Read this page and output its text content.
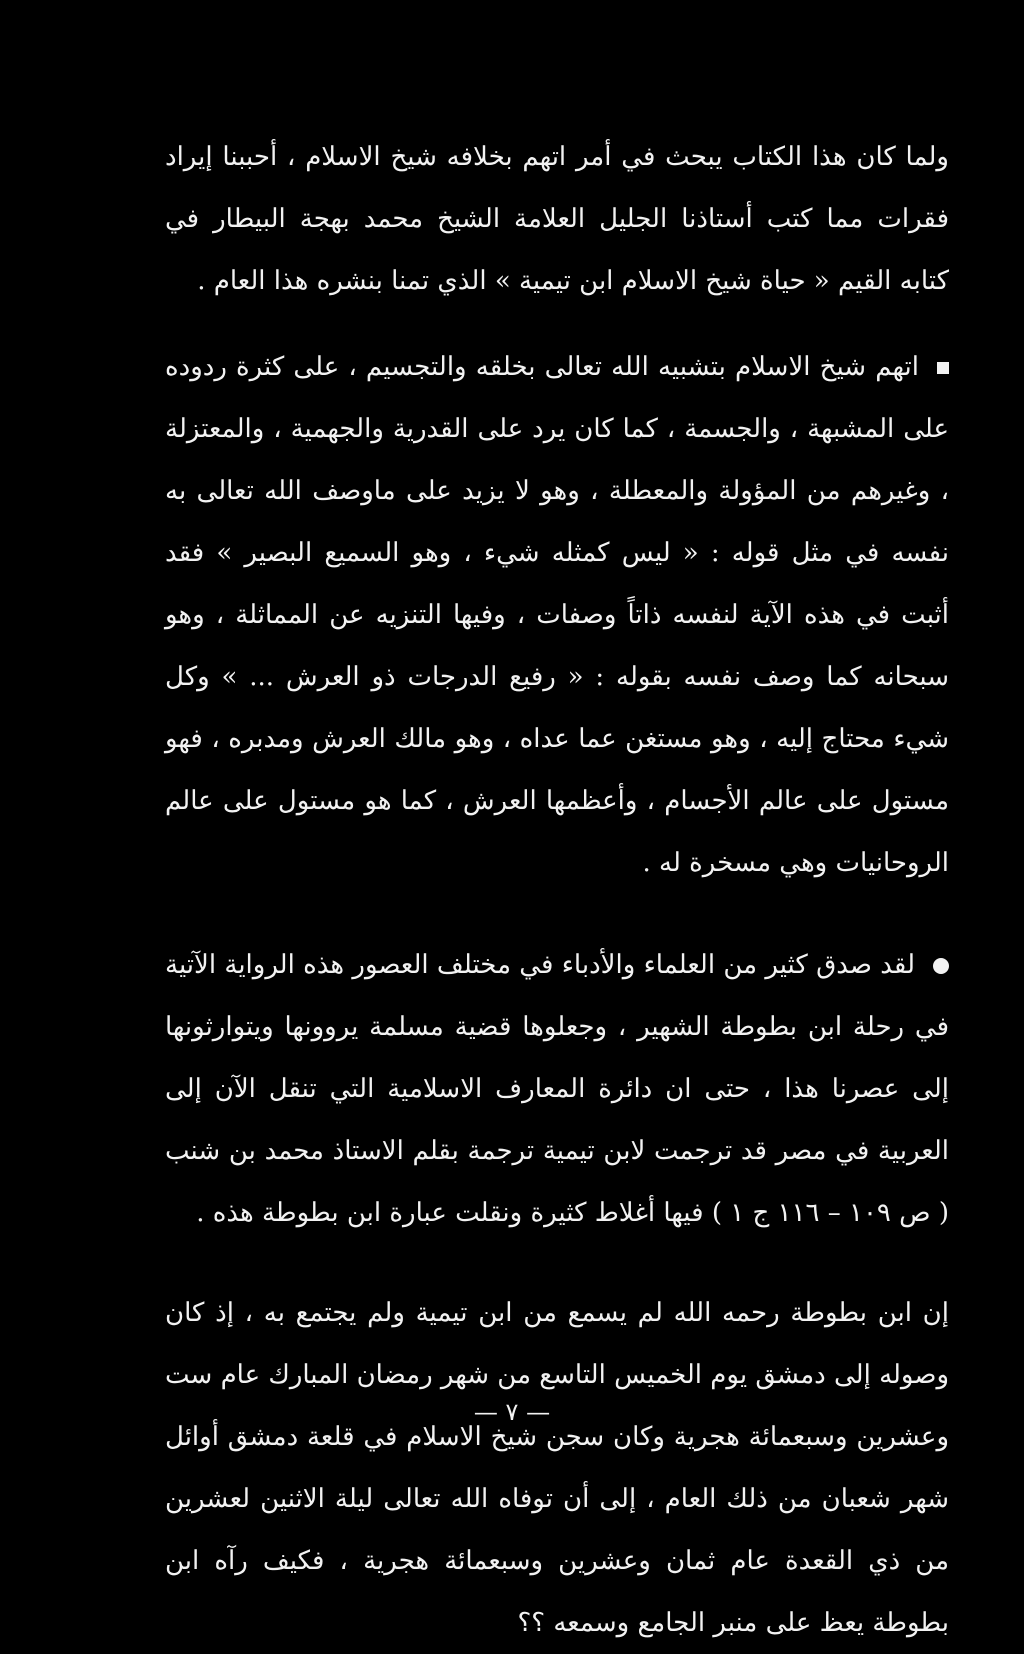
ولما كان هذا الكتاب يبحث في أمر اتهم بخلافه شيخ الاسلام ، أحببنا إيراد فقرات مما كتب أستاذنا الجليل العلامة الشيخ محمد بهجة البيطار في كتابه القيم « حياة شيخ الاسلام ابن تيمية » الذي تمنا بنشره هذا العام .

اتهم شيخ الاسلام بتشبيه الله تعالى بخلقه والتجسيم ، على كثرة ردوده على المشبهة ، والجسمة ، كما كان يرد على القدرية والجهمية ، والمعتزلة ، وغيرهم من المؤولة والمعطلة ، وهو لا يزيد على ماوصف الله تعالى به نفسه في مثل قوله : « ليس كمثله شيء ، وهو السميع البصير » فقد أثبت في هذه الآية لنفسه ذاتاً وصفات ، وفيها التنزيه عن المماثلة ، وهو سبحانه كما وصف نفسه بقوله : « رفيع الدرجات ذو العرش ... » وكل شيء محتاج إليه ، وهو مستغن عما عداه ، وهو مالك العرش ومدبره ، فهو مستول على عالم الأجسام ، وأعظمها العرش ، كما هو مستول على عالم الروحانيات وهي مسخرة له .

لقد صدق كثير من العلماء والأدباء في مختلف العصور هذه الرواية الآتية في رحلة ابن بطوطة الشهير ، وجعلوها قضية مسلمة يروونها ويتوارثونها إلى عصرنا هذا ، حتى ان دائرة المعارف الاسلامية التي تنقل الآن إلى العربية في مصر قد ترجمت لابن تيمية ترجمة بقلم الاستاذ محمد بن شنب ( ص ١٠٩ – ١١٦ ج ١ ) فيها أغلاط كثيرة ونقلت عبارة ابن بطوطة هذه .

إن ابن بطوطة رحمه الله لم يسمع من ابن تيمية ولم يجتمع به ، إذ كان وصوله إلى دمشق يوم الخميس التاسع من شهر رمضان المبارك عام ست وعشرين وسبعمائة هجرية وكان سجن شيخ الاسلام في قلعة دمشق أوائل شهر شعبان من ذلك العام ، إلى أن توفاه الله تعالى ليلة الاثنين لعشرين من ذي القعدة عام ثمان وعشرين وسبعمائة هجرية ، فكيف رآه ابن بطوطة يعظ على منبر الجامع وسمعه ؟؟

— ٧ —
